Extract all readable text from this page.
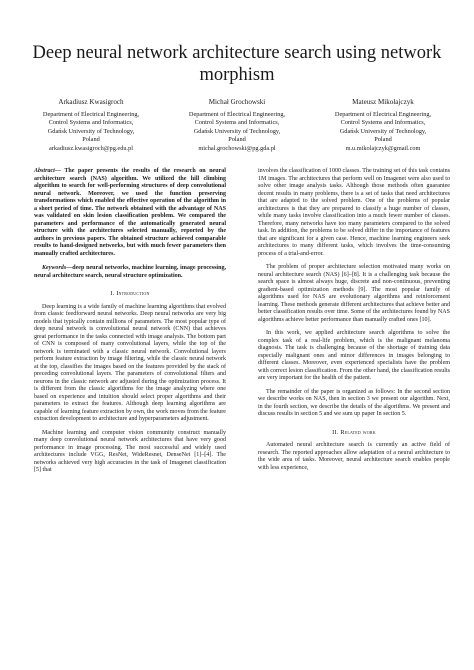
Deep neural network architecture search using network morphism
Arkadiusz Kwasigroch
Department of Electrical Engineering,
Control Systems and Informatics,
Gdańsk University of Technology,
Poland
arkadiusz.kwasigroch@pg.edu.pl
Michał Grochowski
Department of Electrical Engineering,
Control Systems and Informatics,
Gdańsk University of Technology,
Poland
michal.grochowski@pg.gda.pl
Mateusz Mikołajczyk
Department of Electrical Engineering,
Control Systems and Informatics,
Gdańsk University of Technology,
Poland
m.u.mikolajczyk@gmail.com

Abstract— The paper presents the results of the research on neural architecture search (NAS) algorithm. We utilized the hill climbing algorithm to search for well-performing structures of deep convolutional neural network. Moreover, we used the function preserving transformations which enabled the effective operation of the algorithm in a short period of time. The network obtained with the advantage of NAS was validated on skin lesion classification problem. We compared the parameters and performance of the automatically generated neural structure with the architectures selected manually, reported by the authors in previous papers. The obtained structure achieved comparable results to hand-designed networks, but with much fewer parameters then manually crafted architectures.

Keywords—deep neural networks, machine learning, image processing, neural architecture search, neural structure optimization.

I. Introduction

Deep learning is a wide family of machine learning algorithms that evolved from classic feedforward neural networks. Deep neural networks are very big models that typically contain millions of parameters. The most popular type of deep neural network is convolutional neural network (CNN) that achieves great performance in the tasks connected with image analysis. The bottom part of CNN is composed of many convolutional layers, while the top of the network is terminated with a classic neural network. Convolutional layers perform feature extraction by image filtering, while the classic neural network at the top, classifies the images based on the features provided by the stack of preceding convolutional layers. The parameters of convolutional filters and neurons in the classic network are adjusted during the optimization process. It is different from the classic algorithms for the image analyzing where one based on experience and intuition should select proper algorithms and their parameters to extract the features. Although deep learning algorithms are capable of learning feature extraction by own, the work moves from the feature extraction development to architecture and hyperparameters adjustment.

Machine learning and computer vision community construct manually many deep convolutional neural network architectures that have very good performance in image processing. The most successful and widely used architectures include VGG, ResNet, WideResnet, DenseNet [1]–[4]. The networks achieved very high accuracies in the task of Imagenet classification [5] that

involves the classification of 1000 classes. The training set of this task contains 1M images. The architectures that perform well on Imagenet were also used to solve other image analysis tasks. Although those methods often guarantee decent results in many problems, there is a set of tasks that need architectures that are adapted to the solved problem. One of the problems of popular architectures is that they are prepared to classify a huge number of classes, while many tasks involve classification into a much fewer number of classes. Therefore, many networks have too many parameters compared to the solved task. In addition, the problems to be solved differ in the importance of features that are significant for a given case. Hence, machine learning engineers seek architectures to many different tasks, which involves the time-consuming process of a trial-and-error.

The problem of proper architecture selection motivated many works on neural architecture search (NAS) [6]–[8]. It is a challenging task because the search space is almost always huge, discrete and non-continuous, preventing gradient-based optimization methods [9]. The most popular family of algorithms used for NAS are evolutionary algorithms and reinforcement learning. These methods generate different architectures that achieve better and better classification results over time. Some of the architectures found by NAS algorithms achieve better performance than manually crafted ones [10].

In this work, we applied architecture search algorithms to solve the complex task of a real-life problem, which is the malignant melanoma diagnosis. The task is challenging because of the shortage of training data especially malignant ones and minor differences in images belonging to different classes. Moreover, even experienced specialists have the problem with correct lesion classification. From the other hand, the classification results are very important for the health of the patient.

The remainder of the paper is organized as follows: In the second section we describe works on NAS, then in section 3 we present our algorithm. Next, in the fourth section, we describe the details of the algorithms. We present and discuss results in section 5 and we sum up paper In section 5.

II. Related work

Automated neural architecture search is currently an active field of research. The reported approaches allow adaptation of a neural architecture to the wide area of tasks. Moreover, neural architecture search enables people with less experience,
